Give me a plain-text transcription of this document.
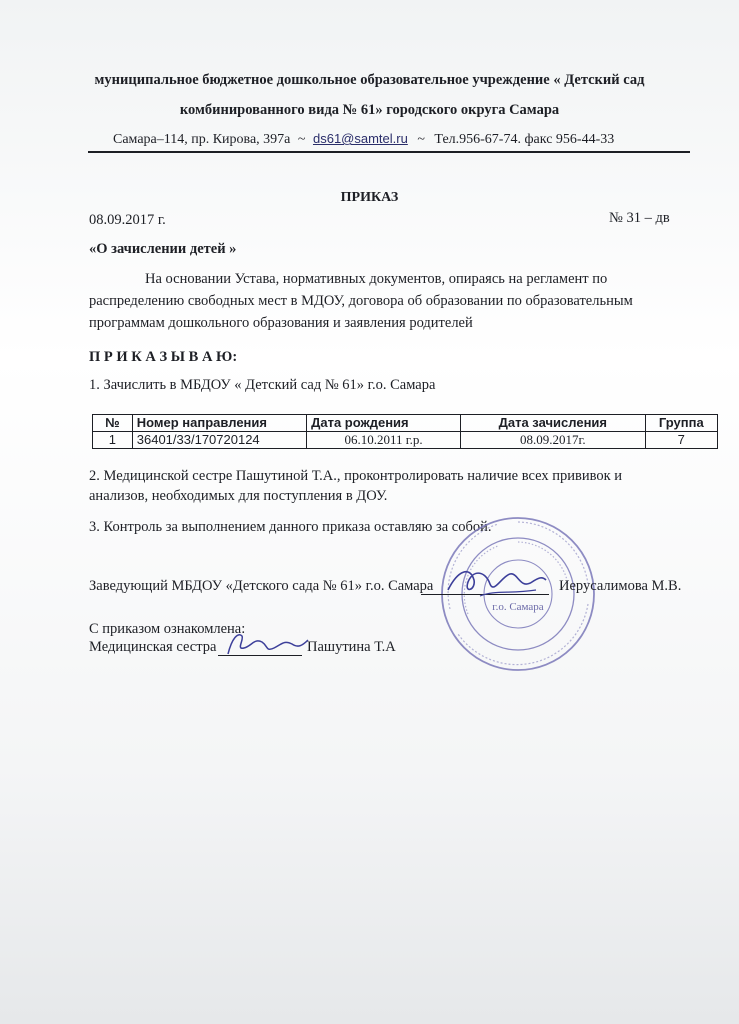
муниципальное бюджетное дошкольное образовательное учреждение « Детский сад
комбинированного вида № 61» городского округа Самара
Самара–114, пр. Кирова, 397а ~ ds61@samtel.ru ~ Тел.956-67-74. факс 956-44-33
ПРИКАЗ
08.09.2017 г.	№ 31 – дв
«О зачислении детей »
На основании Устава, нормативных документов, опираясь на регламент по
распределению свободных мест в МДОУ, договора об образовании по образовательным
программам дошкольного образования и заявления родителей
П Р И К А З Ы В А Ю:
1. Зачислить в МБДОУ « Детский сад № 61» г.о. Самара
№	Номер направления	Дата рождения	Дата зачисления	Группа
1	36401/33/170720124	06.10.2011 г.р.	08.09.2017г.	7
2. Медицинской сестре Пашутиной Т.А., проконтролировать наличие всех прививок и
анализов, необходимых для поступления в ДОУ.
3. Контроль за выполнением данного приказа оставляю за собой.
г.о. Самара
Заведующий МБДОУ «Детского сада № 61» г.о. Самара	Иерусалимова М.В.
С приказом ознакомлена:
Медицинская сестра	Пашутина Т.А
